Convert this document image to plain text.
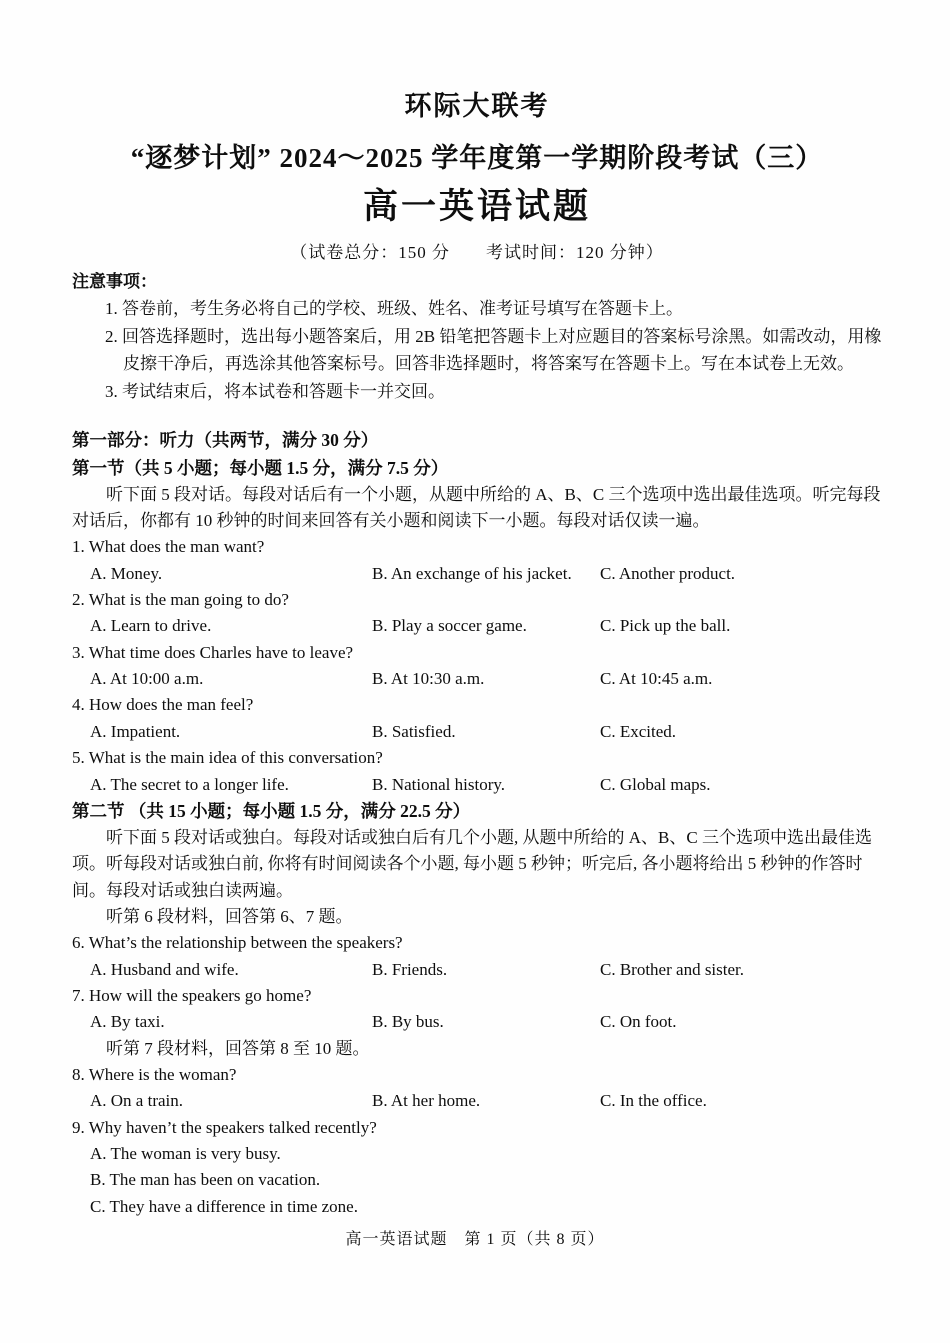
环际大联考
“逐梦计划” 2024～2025 学年度第一学期阶段考试（三）
高一英语试题
（试卷总分：150 分　　考试时间：120 分钟）
注意事项：
1. 答卷前，考生务必将自己的学校、班级、姓名、准考证号填写在答题卡上。
2. 回答选择题时，选出每小题答案后，用 2B 铅笔把答题卡上对应题目的答案标号涂黑。如需改动，用橡皮擦干净后，再选涂其他答案标号。回答非选择题时，将答案写在答题卡上。写在本试卷上无效。
3. 考试结束后，将本试卷和答题卡一并交回。
第一部分：听力（共两节，满分 30 分）
第一节（共 5 小题；每小题 1.5 分，满分 7.5 分）

听下面 5 段对话。每段对话后有一个小题，从题中所给的 A、B、C 三个选项中选出最佳选项。听完每段对话后，你都有 10 秒钟的时间来回答有关小题和阅读下一小题。每段对话仅读一遍。

1. What does the man want?
A. Money.	B. An exchange of his jacket.	C. Another product.
2. What is the man going to do?
A. Learn to drive.	B. Play a soccer game.	C. Pick up the ball.
3. What time does Charles have to leave?
A. At 10:00 a.m.	B. At 10:30 a.m.	C. At 10:45 a.m.
4. How does the man feel?
A. Impatient.	B. Satisfied.	C. Excited.
5. What is the main idea of this conversation?
A. The secret to a longer life.	B. National history.	C. Global maps.
第二节 （共 15 小题；每小题 1.5 分，满分 22.5 分）

听下面 5 段对话或独白。每段对话或独白后有几个小题, 从题中所给的 A、B、C 三个选项中选出最佳选项。听每段对话或独白前, 你将有时间阅读各个小题, 每小题 5 秒钟；听完后, 各小题将给出 5 秒钟的作答时间。每段对话或独白读两遍。

听第 6 段材料，回答第 6、7 题。

6. What’s the relationship between the speakers?
A. Husband and wife.	B. Friends.	C. Brother and sister.
7. How will the speakers go home?
A. By taxi.	B. By bus.	C. On foot.

听第 7 段材料，回答第 8 至 10 题。

8. Where is the woman?
A. On a train.	B. At her home.	C. In the office.
9. Why haven’t the speakers talked recently?
A. The woman is very busy.
B. The man has been on vacation.
C. They have a difference in time zone.
高一英语试题　第 1 页（共 8 页）
